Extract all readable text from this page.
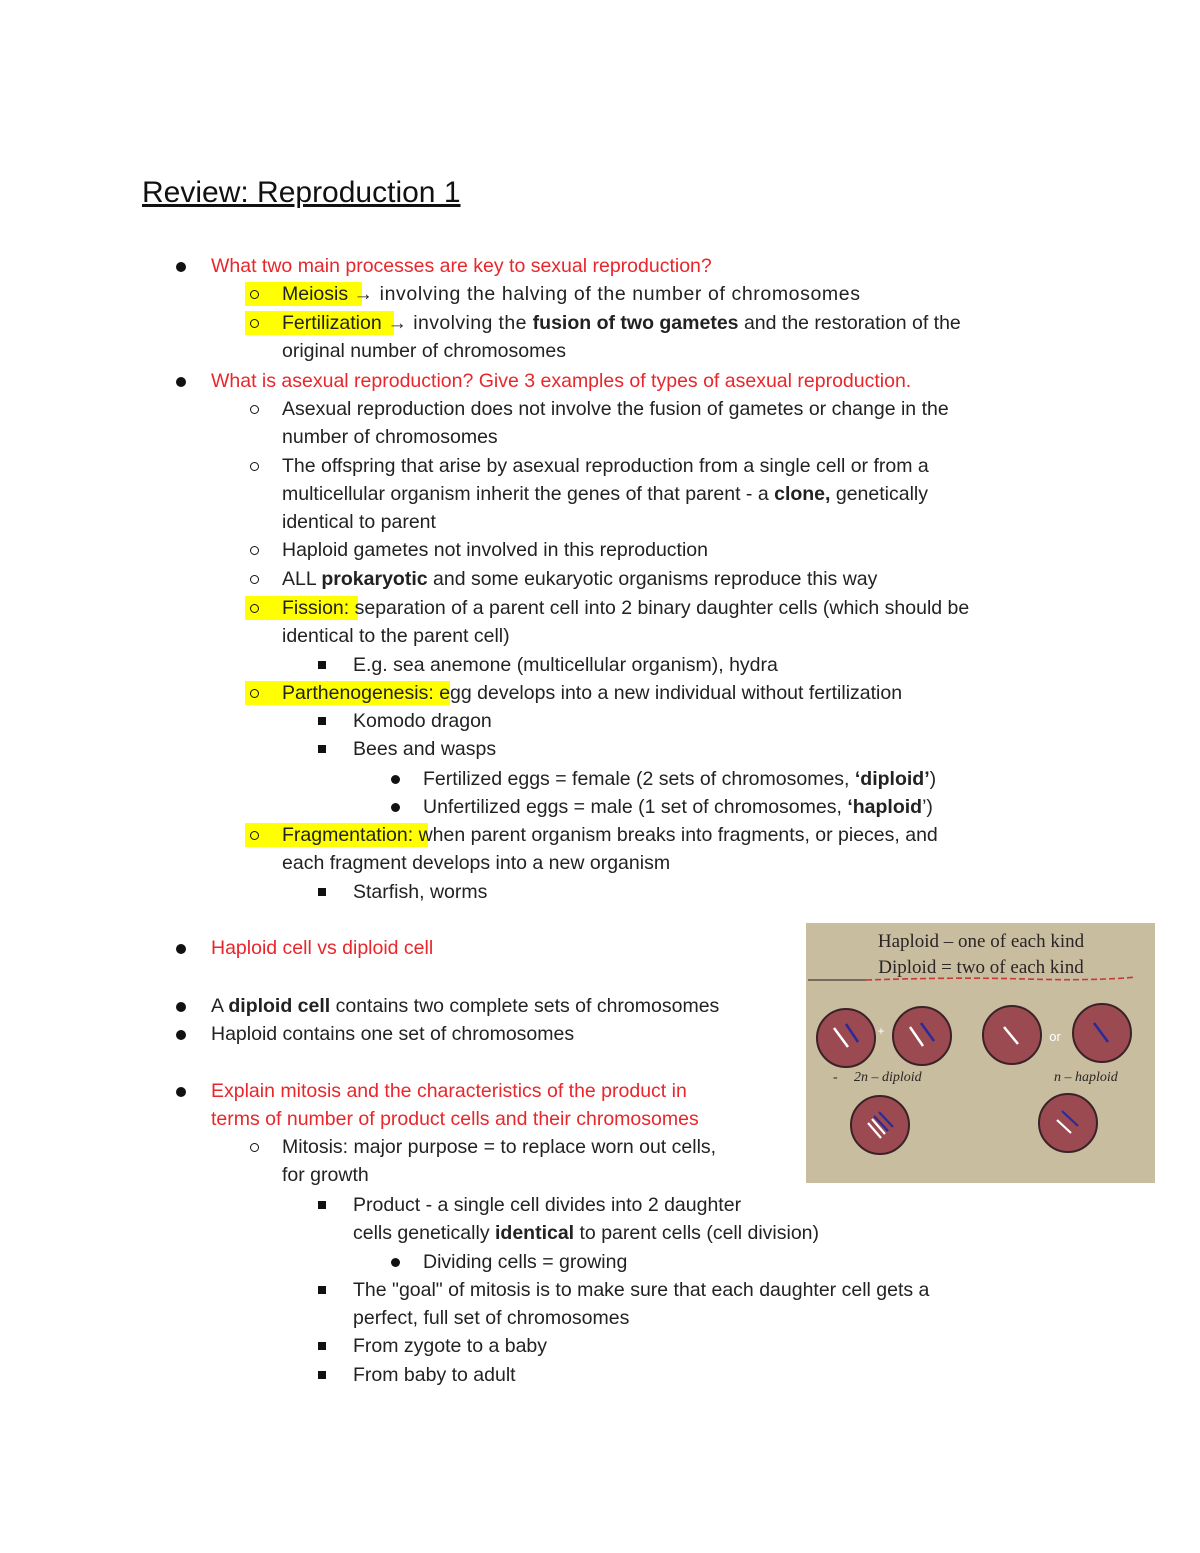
Review: Reproduction 1
What two main processes are key to sexual reproduction?
Meiosis → involving the halving of the number of chromosomes
Fertilization → involving the fusion of two gametes and the restoration of the
original number of chromosomes
What is asexual reproduction? Give 3 examples of types of asexual reproduction.
Asexual reproduction does not involve the fusion of gametes or change in the
number of chromosomes
The offspring that arise by asexual reproduction from a single cell or from a
multicellular organism inherit the genes of that parent - a clone, genetically
identical to parent
Haploid gametes not involved in this reproduction
ALL prokaryotic and some eukaryotic organisms reproduce this way
Fission: separation of a parent cell into 2 binary daughter cells (which should be
identical to the parent cell)
E.g. sea anemone (multicellular organism), hydra
Parthenogenesis: egg develops into a new individual without fertilization
Komodo dragon
Bees and wasps
Fertilized eggs = female (2 sets of chromosomes, ‘diploid’)
Unfertilized eggs = male (1 set of chromosomes, ‘haploid’)
Fragmentation: when parent organism breaks into fragments, or pieces, and
each fragment develops into a new organism
Starfish, worms
Haploid cell vs diploid cell
A diploid cell contains two complete sets of chromosomes
Haploid contains one set of chromosomes
Explain mitosis and the characteristics of the product in
terms of number of product cells and their chromosomes
Mitosis: major purpose = to replace worn out cells,
for growth
Product - a single cell divides into 2 daughter
cells genetically identical to parent cells (cell division)
Dividing cells = growing
The "goal" of mitosis is to make sure that each daughter cell gets a
perfect, full set of chromosomes
From zygote to a baby
From baby to adult
Haploid – one of each kind
Diploid = two of each kind
+
- 2n – diploid
or
n – haploid
